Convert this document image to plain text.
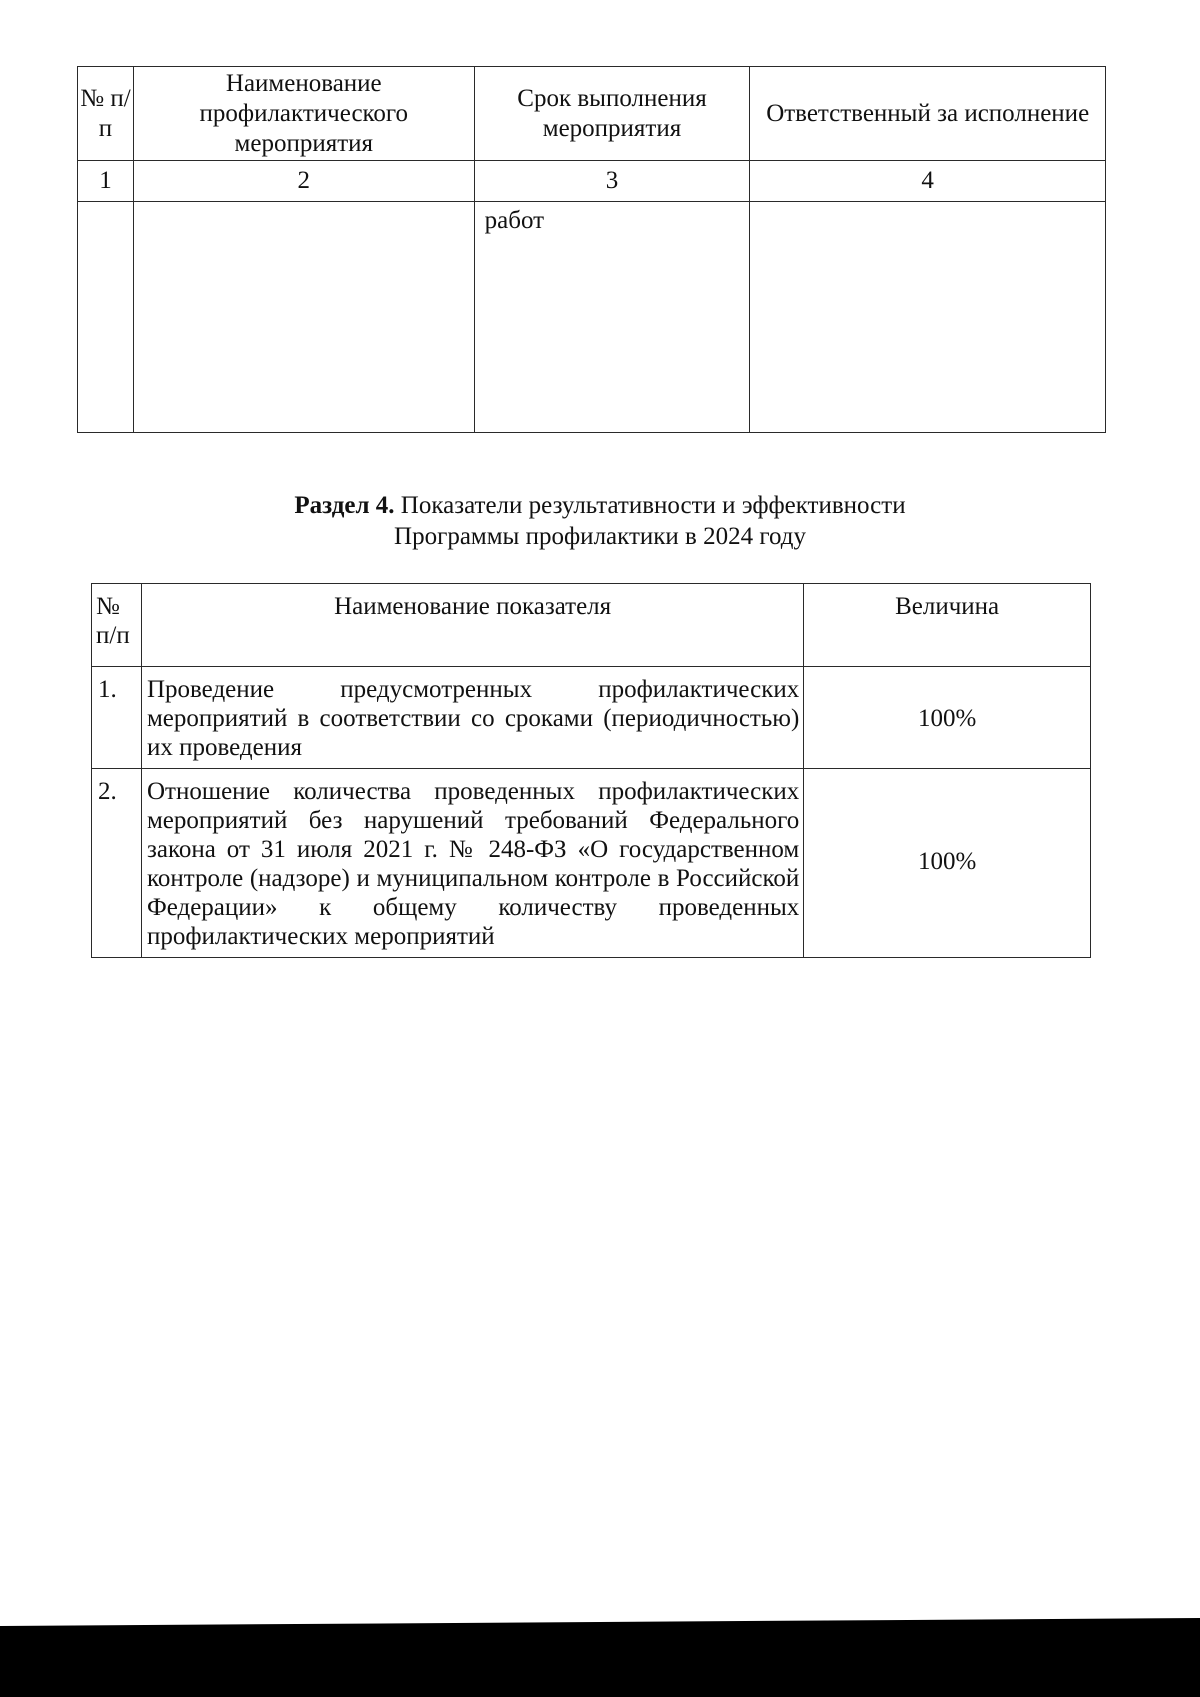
№ п/ п	Наименование профилактического мероприятия	Срок выполнения мероприятия	Ответственный за исполнение
1	2	3	4
		работ	
Раздел 4. Показатели результативности и эффективности
Программы профилактики в 2024 году
№ п/п	Наименование показателя	Величина
1.	Проведение предусмотренных профилактических мероприятий в соответствии со сроками (периодичностью) их проведения	100%
2.	Отношение количества проведенных профилактических мероприятий без нарушений требований Федерального закона от 31 июля 2021 г. № 248-ФЗ «О государственном контроле (надзоре) и муниципальном контроле в Российской Федерации» к общему количеству проведенных профилактических мероприятий	100%
